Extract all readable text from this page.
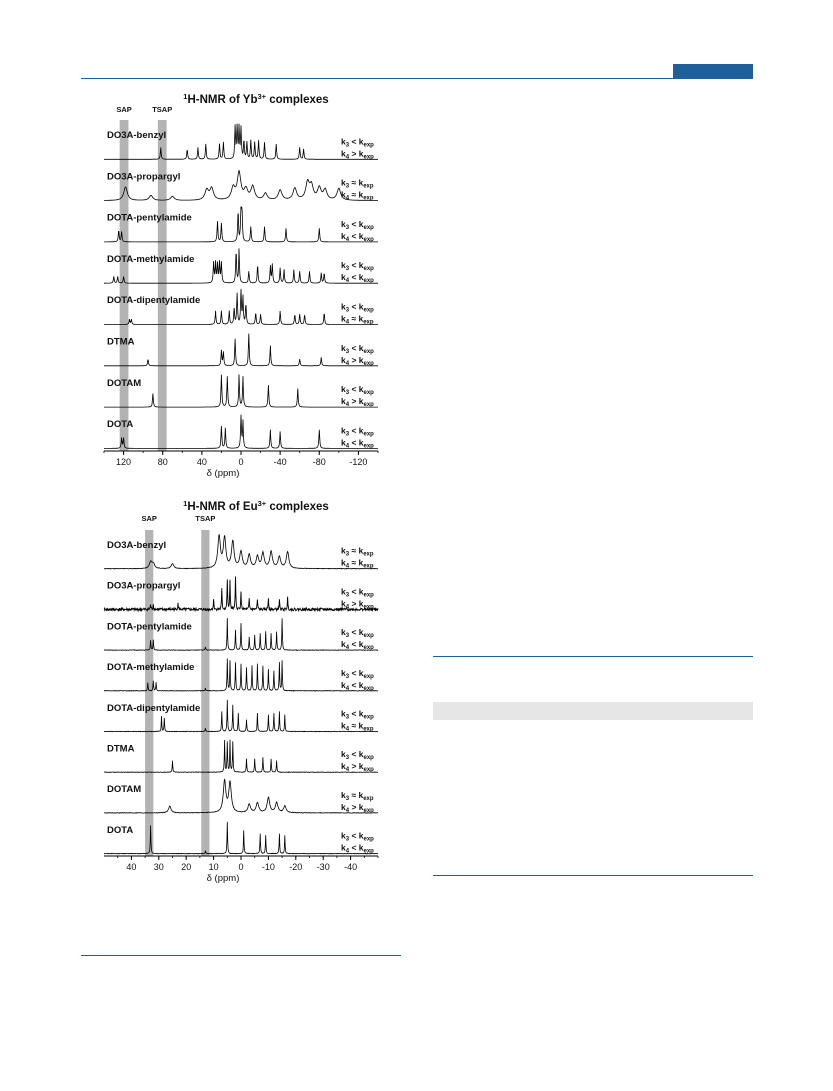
SAP	TSAP
$^1$H-NMR of $Yb^{3+}$ complexes
DO3A-benzyl
$k_3 < k_{exp}$
$k_4 > k_{exp}$
DO3A-propargyl
$k_3 \approx k_{exp}$
$k_4 \approx k_{exp}$
DOTA-pentylamide
$k_3 < k_{exp}$
$k_4 < k_{exp}$
DOTA-methylamide
$k_3 < k_{exp}$
$k_4 < k_{exp}$
DOTA-dipentylamide
$k_3 < k_{exp}$
$k_4 \approx k_{exp}$
DTMA
$k_3 < k_{exp}$
$k_4 > k_{exp}$
DOTAM
$k_3 < k_{exp}$
$k_4 > k_{exp}$
DOTA
$k_3 < k_{exp}$
$k_4 < k_{exp}$
120	80	40	0	-40	-80	-120
δ (ppm)
SAP	TSAP
$^1$H-NMR of $Eu^{3+}$ complexes
DO3A-benzyl	$k_3 \approx k_{exp}$
$k_4 \approx k_{exp}$
DO3A-propargyl	$k_3 < k_{exp}$
$k_4 > k_{exp}$
DOTA-pentylamide	$k_3 < k_{exp}$
$k_4 < k_{exp}$
DOTA-methylamide	$k_3 < k_{exp}$
$k_4 < k_{exp}$
DOTA-dipentylamide	$k_3 < k_{exp}$
$k_4 \approx k_{exp}$
DTMA	$k_3 < k_{exp}$
$k_4 > k_{exp}$
DOTAM	$k_3 \approx k_{exp}$
$k_4 > k_{exp}$
DOTA	$k_3 < k_{exp}$
$k_4 < k_{exp}$
40 30 20 10 0 -10 -20 -30 -40
δ (ppm)
